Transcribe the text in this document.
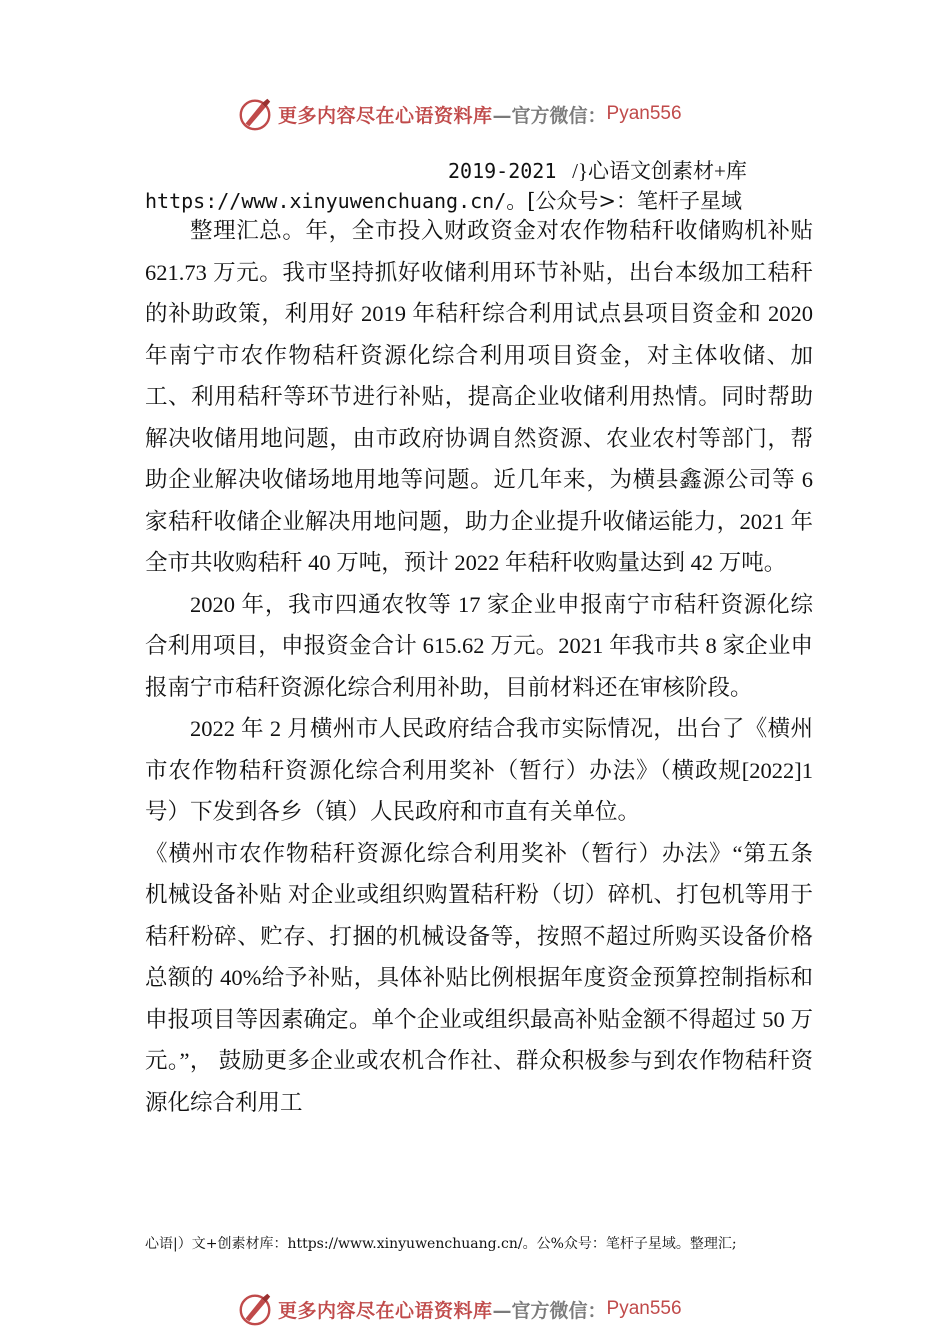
更多内容尽在心语资料库 —官方微信： Pyan556
2019-2021 /}心语文创素材+库
https://www.xinyuwenchuang.cn/。[公众号>：笔杆子星域

整理汇总。年，全市投入财政资金对农作物秸秆收储购机补贴 621.73 万元。我市坚持抓好收储利用环节补贴，出台本级加工秸秆的补助政策，利用好 2019 年秸秆综合利用试点县项目资金和 2020 年南宁市农作物秸秆资源化综合利用项目资金，对主体收储、加工、利用秸秆等环节进行补贴，提高企业收储利用热情。同时帮助解决收储用地问题，由市政府协调自然资源、农业农村等部门，帮助企业解决收储场地用地等问题。近几年来，为横县鑫源公司等 6 家秸秆收储企业解决用地问题，助力企业提升收储运能力，2021 年全市共收购秸秆 40 万吨，预计 2022 年秸秆收购量达到 42 万吨。

2020 年，我市四通农牧等 17 家企业申报南宁市秸秆资源化综合利用项目，申报资金合计 615.62 万元。2021 年我市共 8 家企业申报南宁市秸秆资源化综合利用补助，目前材料还在审核阶段。

2022 年 2 月横州市人民政府结合我市实际情况，出台了《横州市农作物秸秆资源化综合利用奖补（暂行）办法》（横政规[2022]1 号）下发到各乡（镇）人民政府和市直有关单位。

《横州市农作物秸秆资源化综合利用奖补（暂行）办法》“第五条 机械设备补贴 对企业或组织购置秸秆粉（切）碎机、打包机等用于秸秆粉碎、贮存、打捆的机械设备等，按照不超过所购买设备价格总额的 40%给予补贴，具体补贴比例根据年度资金预算控制指标和申报项目等因素确定。单个企业或组织最高补贴金额不得超过 50 万元。”， 鼓励更多企业或农机合作社、群众积极参与到农作物秸秆资源化综合利用工

心语|）文+创素材库：https://www.xinyuwenchuang.cn/。公%众号：笔杆子星域。整理汇;
更多内容尽在心语资料库 —官方微信： Pyan556
